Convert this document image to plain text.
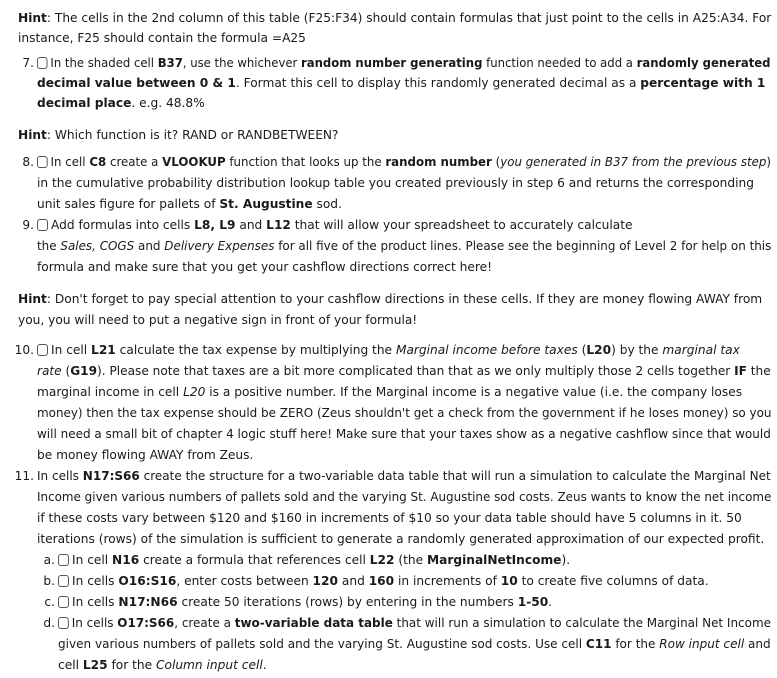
Hint: The cells in the 2nd column of this table (F25:F34) should contain formulas that just point to the cells in A25:A34. For
instance, F25 should contain the formula =A25
7.	In the shaded cell B37, use the whichever random number generating function needed to add a randomly generated
decimal value between 0 & 1. Format this cell to display this randomly generated decimal as a percentage with 1
decimal place. e.g. 48.8%
Hint: Which function is it? RAND or RANDBETWEEN?
8.	In cell C8 create a VLOOKUP function that looks up the random number (you generated in B37 from the previous step)
in the cumulative probability distribution lookup table you created previously in step 6 and returns the corresponding
unit sales figure for pallets of St. Augustine sod.
9.	Add formulas into cells L8, L9 and L12 that will allow your spreadsheet to accurately calculate
the Sales, COGS and Delivery Expenses for all five of the product lines. Please see the beginning of Level 2 for help on this
formula and make sure that you get your cashflow directions correct here!
Hint: Don't forget to pay special attention to your cashflow directions in these cells. If they are money flowing AWAY from
you, you will need to put a negative sign in front of your formula!
10.	In cell L21 calculate the tax expense by multiplying the Marginal income before taxes (L20) by the marginal tax
rate (G19). Please note that taxes are a bit more complicated than that as we only multiply those 2 cells together IF the
marginal income in cell L20 is a positive number. If the Marginal income is a negative value (i.e. the company loses
money) then the tax expense should be ZERO (Zeus shouldn't get a check from the government if he loses money) so you
will need a small bit of chapter 4 logic stuff here! Make sure that your taxes show as a negative cashflow since that would
be money flowing AWAY from Zeus.
11. In cells N17:S66 create the structure for a two-variable data table that will run a simulation to calculate the Marginal Net
Income given various numbers of pallets sold and the varying St. Augustine sod costs. Zeus wants to know the net income
if these costs vary between $120 and $160 in increments of $10 so your data table should have 5 columns in it. 50
iterations (rows) of the simulation is sufficient to generate a randomly generated approximation of our expected profit.
a.	In cell N16 create a formula that references cell L22 (the MarginalNetIncome).
b.	In cells O16:S16, enter costs between 120 and 160 in increments of 10 to create five columns of data.
c.	In cells N17:N66 create 50 iterations (rows) by entering in the numbers 1-50.
d.	In cells O17:S66, create a two-variable data table that will run a simulation to calculate the Marginal Net Income
given various numbers of pallets sold and the varying St. Augustine sod costs. Use cell C11 for the Row input cell and
cell L25 for the Column input cell.
